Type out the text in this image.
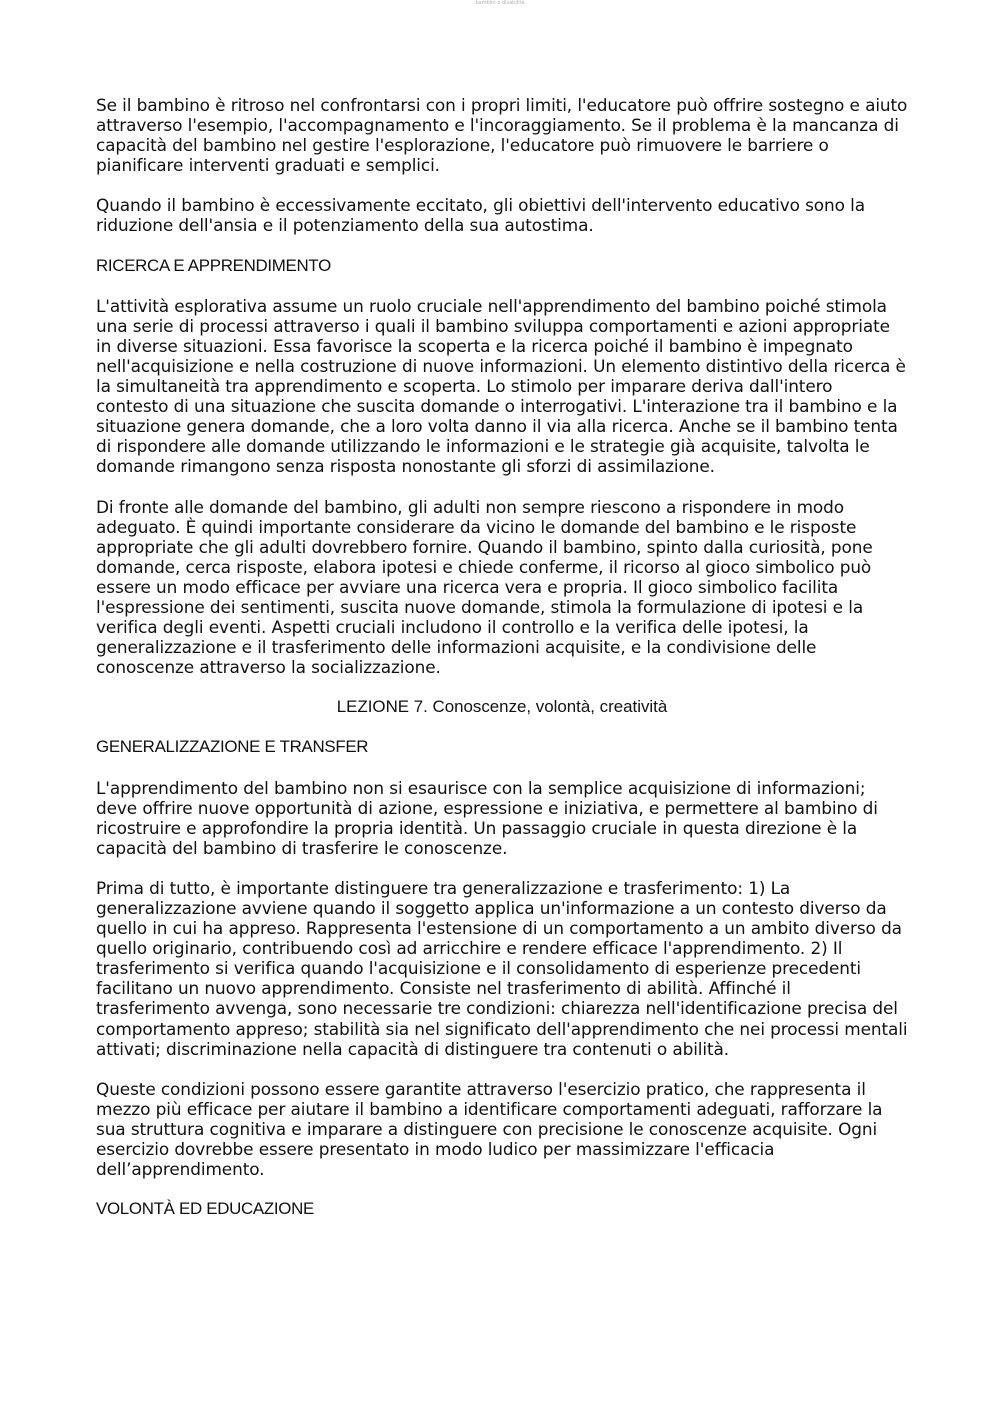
bambini e disabilità

Se il bambino è ritroso nel confrontarsi con i propri limiti, l'educatore può offrire sostegno e aiuto attraverso l'esempio, l'accompagnamento e l'incoraggiamento. Se il problema è la mancanza di capacità del bambino nel gestire l'esplorazione, l'educatore può rimuovere le barriere o pianificare interventi graduati e semplici.

Quando il bambino è eccessivamente eccitato, gli obiettivi dell'intervento educativo sono la riduzione dell'ansia e il potenziamento della sua autostima.

RICERCA E APPRENDIMENTO

L'attività esplorativa assume un ruolo cruciale nell'apprendimento del bambino poiché stimola una serie di processi attraverso i quali il bambino sviluppa comportamenti e azioni appropriate in diverse situazioni. Essa favorisce la scoperta e la ricerca poiché il bambino è impegnato nell'acquisizione e nella costruzione di nuove informazioni. Un elemento distintivo della ricerca è la simultaneità tra apprendimento e scoperta. Lo stimolo per imparare deriva dall'intero contesto di una situazione che suscita domande o interrogativi. L'interazione tra il bambino e la situazione genera domande, che a loro volta danno il via alla ricerca. Anche se il bambino tenta di rispondere alle domande utilizzando le informazioni e le strategie già acquisite, talvolta le domande rimangono senza risposta nonostante gli sforzi di assimilazione.

Di fronte alle domande del bambino, gli adulti non sempre riescono a rispondere in modo adeguato. È quindi importante considerare da vicino le domande del bambino e le risposte appropriate che gli adulti dovrebbero fornire. Quando il bambino, spinto dalla curiosità, pone domande, cerca risposte, elabora ipotesi e chiede conferme, il ricorso al gioco simbolico può essere un modo efficace per avviare una ricerca vera e propria. Il gioco simbolico facilita l'espressione dei sentimenti, suscita nuove domande, stimola la formulazione di ipotesi e la verifica degli eventi. Aspetti cruciali includono il controllo e la verifica delle ipotesi, la generalizzazione e il trasferimento delle informazioni acquisite, e la condivisione delle conoscenze attraverso la socializzazione.

LEZIONE 7. Conoscenze, volontà, creatività

GENERALIZZAZIONE E TRANSFER

L'apprendimento del bambino non si esaurisce con la semplice acquisizione di informazioni; deve offrire nuove opportunità di azione, espressione e iniziativa, e permettere al bambino di ricostruire e approfondire la propria identità. Un passaggio cruciale in questa direzione è la capacità del bambino di trasferire le conoscenze.

Prima di tutto, è importante distinguere tra generalizzazione e trasferimento: 1) La generalizzazione avviene quando il soggetto applica un'informazione a un contesto diverso da quello in cui ha appreso. Rappresenta l'estensione di un comportamento a un ambito diverso da quello originario, contribuendo così ad arricchire e rendere efficace l'apprendimento. 2) Il trasferimento si verifica quando l'acquisizione e il consolidamento di esperienze precedenti facilitano un nuovo apprendimento. Consiste nel trasferimento di abilità. Affinché il trasferimento avvenga, sono necessarie tre condizioni: chiarezza nell'identificazione precisa del comportamento appreso; stabilità sia nel significato dell'apprendimento che nei processi mentali attivati; discriminazione nella capacità di distinguere tra contenuti o abilità.

Queste condizioni possono essere garantite attraverso l'esercizio pratico, che rappresenta il mezzo più efficace per aiutare il bambino a identificare comportamenti adeguati, rafforzare la sua struttura cognitiva e imparare a distinguere con precisione le conoscenze acquisite. Ogni esercizio dovrebbe essere presentato in modo ludico per massimizzare l'efficacia dell’apprendimento.

VOLONTÀ ED EDUCAZIONE
